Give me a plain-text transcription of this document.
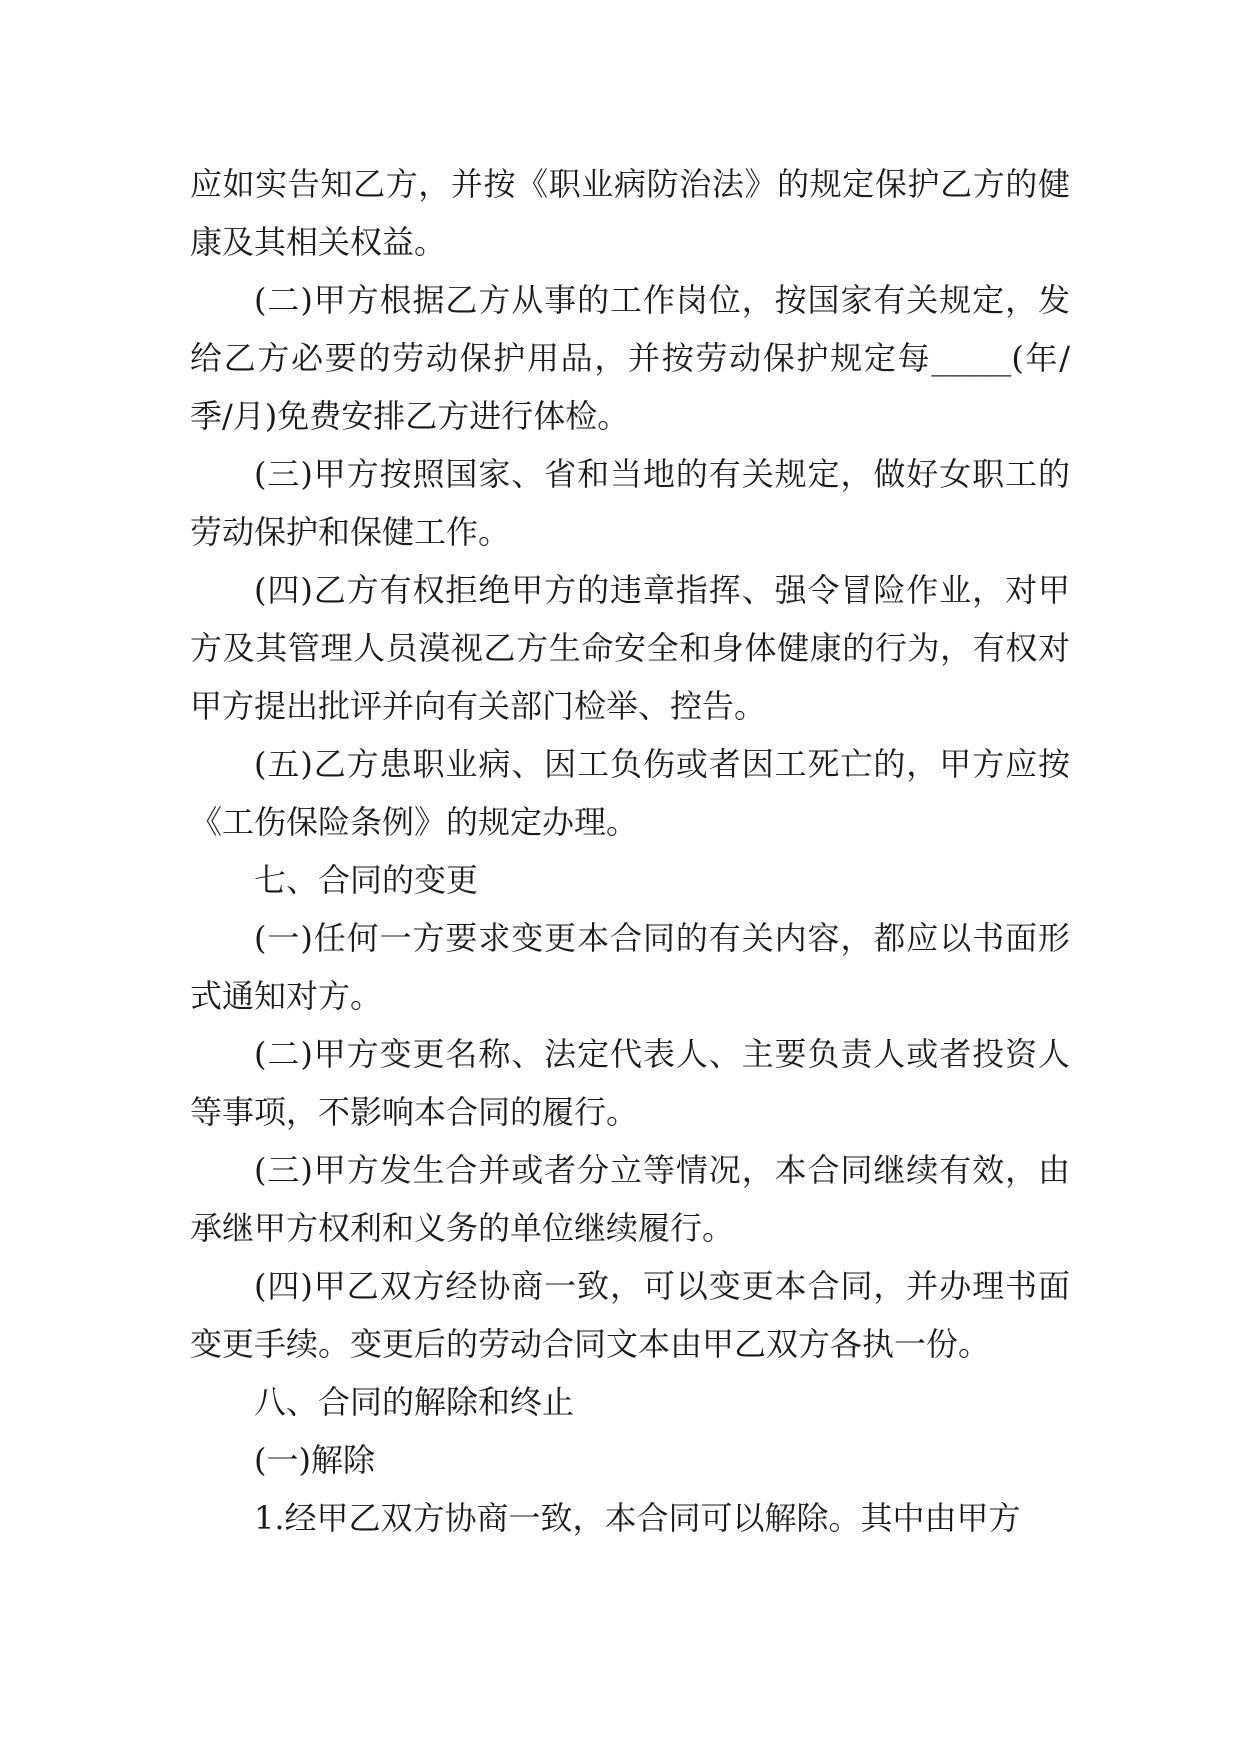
应如实告知乙方，并按《职业病防治法》的规定保护乙方的健康及其相关权益。

(二)甲方根据乙方从事的工作岗位，按国家有关规定，发给乙方必要的劳动保护用品，并按劳动保护规定每_____(年/季/月)免费安排乙方进行体检。

(三)甲方按照国家、省和当地的有关规定，做好女职工的劳动保护和保健工作。

(四)乙方有权拒绝甲方的违章指挥、强令冒险作业，对甲方及其管理人员漠视乙方生命安全和身体健康的行为，有权对甲方提出批评并向有关部门检举、控告。

(五)乙方患职业病、因工负伤或者因工死亡的，甲方应按《工伤保险条例》的规定办理。

七、合同的变更

(一)任何一方要求变更本合同的有关内容，都应以书面形式通知对方。

(二)甲方变更名称、法定代表人、主要负责人或者投资人等事项，不影响本合同的履行。

(三)甲方发生合并或者分立等情况，本合同继续有效，由承继甲方权利和义务的单位继续履行。

(四)甲乙双方经协商一致，可以变更本合同，并办理书面变更手续。变更后的劳动合同文本由甲乙双方各执一份。

八、合同的解除和终止

(一)解除

1.经甲乙双方协商一致，本合同可以解除。其中由甲方
